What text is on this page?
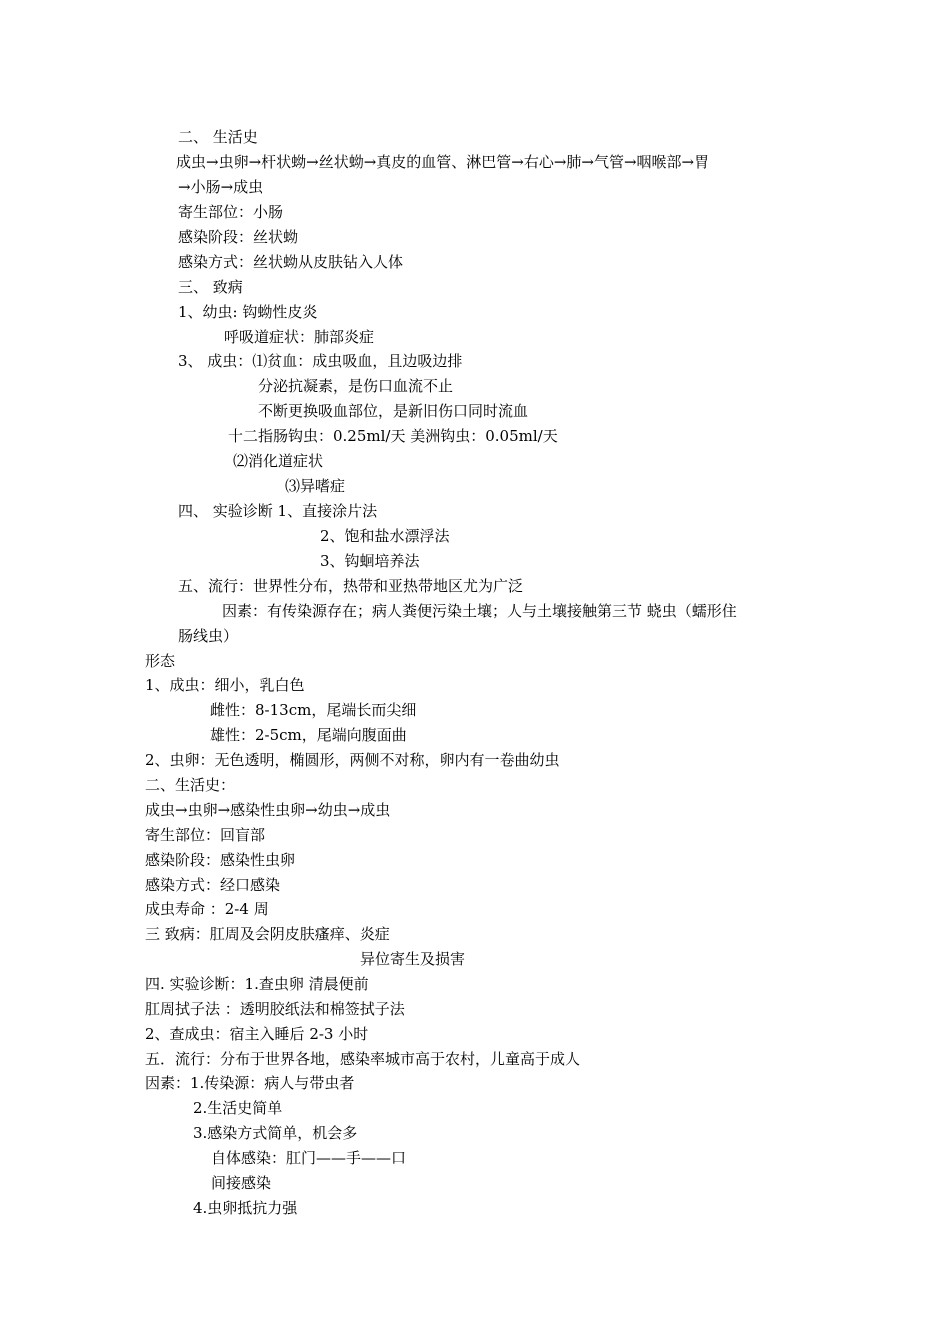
二、 生活史
成虫→虫卵→杆状蚴→丝状蚴→真皮的血管、淋巴管→右心→肺→气管→咽喉部→胃
→小肠→成虫
寄生部位：小肠
感染阶段：丝状蚴
感染方式：丝状蚴从皮肤钻入人体
三、 致病
1、幼虫: 钩蚴性皮炎
呼吸道症状：肺部炎症
3、 成虫：⑴贫血：成虫吸血，且边吸边排
分泌抗凝素，是伤口血流不止
不断更换吸血部位，是新旧伤口同时流血
十二指肠钩虫：0.25ml/天 美洲钩虫：0.05ml/天
⑵消化道症状
⑶异嗜症
四、 实验诊断 1、直接涂片法
2、饱和盐水漂浮法
3、钩蛔培养法
五、流行：世界性分布，热带和亚热带地区尤为广泛
因素：有传染源存在；病人粪便污染土壤；人与土壤接触第三节 蛲虫（蠕形住
肠线虫）
形态
1、成虫：细小，乳白色
雌性：8-13cm，尾端长而尖细
雄性：2-5cm，尾端向腹面曲
2、虫卵：无色透明，椭圆形，两侧不对称，卵内有一卷曲幼虫
二、生活史：
成虫→虫卵→感染性虫卵→幼虫→成虫
寄生部位：回盲部
感染阶段：感染性虫卵
感染方式：经口感染
成虫寿命 ：2-4 周
三 致病：肛周及会阴皮肤瘙痒、炎症
异位寄生及损害
四. 实验诊断：1.查虫卵 清晨便前
肛周拭子法 ：透明胶纸法和棉签拭子法
2、查成虫：宿主入睡后 2-3 小时
五．流行：分布于世界各地，感染率城市高于农村，儿童高于成人
因素：1.传染源：病人与带虫者
2.生活史简单
3.感染方式简单，机会多
自体感染：肛门——手——口
间接感染
4.虫卵抵抗力强
